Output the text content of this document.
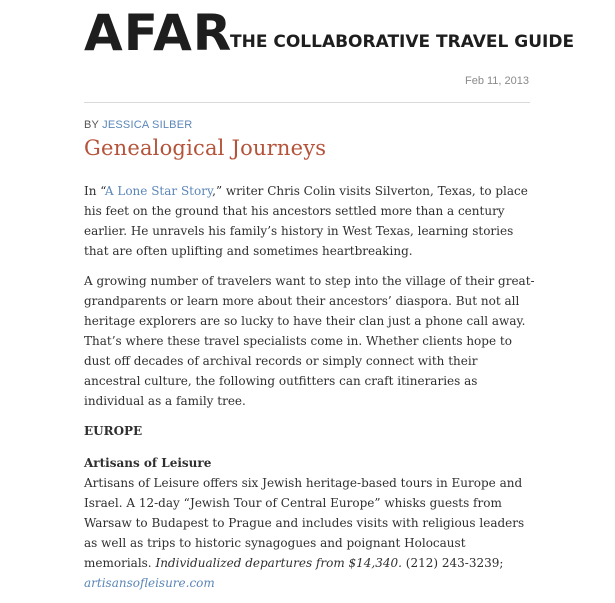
AFAR
THE COLLABORATIVE TRAVEL GUIDE
Feb 11, 2013
BY JESSICA SILBER
Genealogical Journeys

In “A Lone Star Story,” writer Chris Colin visits Silverton, Texas, to place his feet on the ground that his ancestors settled more than a century earlier. He unravels his family’s history in West Texas, learning stories that are often uplifting and sometimes heartbreaking.

A growing number of travelers want to step into the village of their great-grandparents or learn more about their ancestors’ diaspora. But not all heritage explorers are so lucky to have their clan just a phone call away. That’s where these travel specialists come in. Whether clients hope to dust off decades of archival records or simply connect with their ancestral culture, the following outfitters can craft itineraries as individual as a family tree.

EUROPE
Artisans of Leisure

Artisans of Leisure offers six Jewish heritage-based tours in Europe and Israel. A 12-day “Jewish Tour of Central Europe” whisks guests from Warsaw to Budapest to Prague and includes visits with religious leaders as well as trips to historic synagogues and poignant Holocaust memorials. Individualized departures from $14,340. (212) 243-3239; artisansofleisure.com
